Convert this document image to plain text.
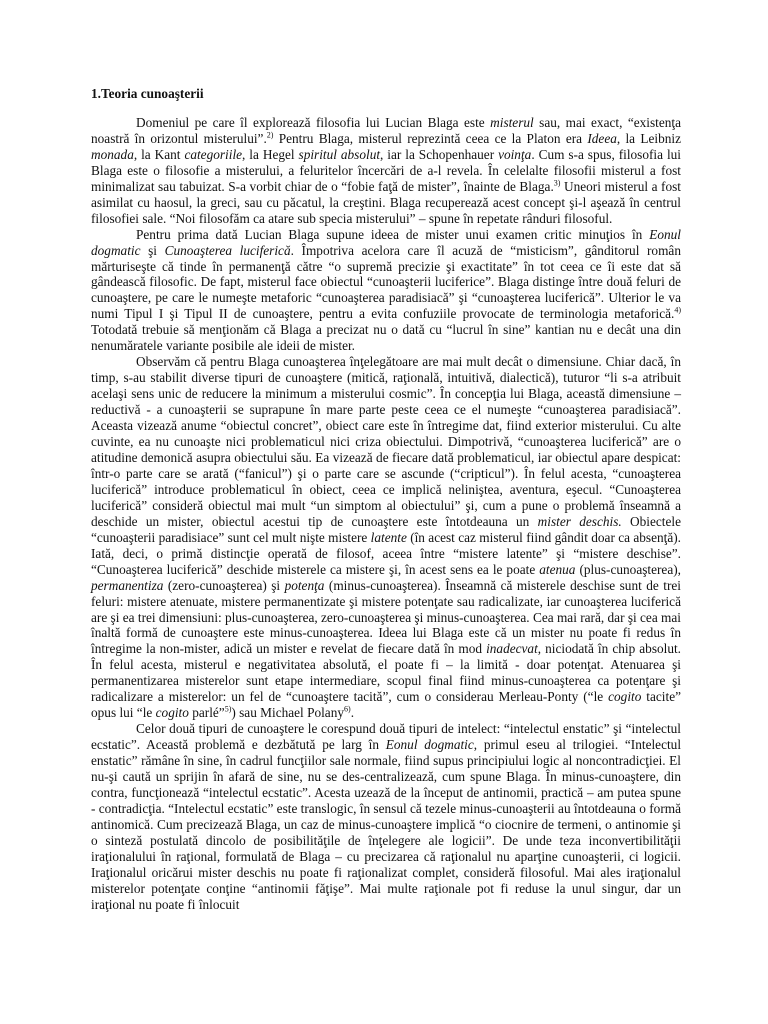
1.Teoria cunoaşterii

Domeniul pe care îl explorează filosofia lui Lucian Blaga este misterul sau, mai exact, “existenţa noastră în orizontul misterului”.$^{2)}$ Pentru Blaga, misterul reprezintă ceea ce la Platon era Ideea, la Leibniz monada, la Kant categoriile, la Hegel spiritul absolut, iar la Schopenhauer voinţa. Cum s-a spus, filosofia lui Blaga este o filosofie a misterului, a feluritelor încercări de a-l revela. În celelalte filosofii misterul a fost minimalizat sau tabuizat. S-a vorbit chiar de o “fobie faţă de mister”, înainte de Blaga.$^{3)}$ Uneori misterul a fost asimilat cu haosul, la greci, sau cu păcatul, la creştini. Blaga recuperează acest concept şi-l aşează în centrul filosofiei sale. “Noi filosofăm ca atare sub specia misterului” – spune în repetate rânduri filosoful.

Pentru prima dată Lucian Blaga supune ideea de mister unui examen critic minuţios în Eonul dogmatic şi Cunoaşterea luciferică. Împotriva acelora care îl acuză de “misticism”, gânditorul român mărturiseşte că tinde în permanenţă către “o supremă precizie şi exactitate” în tot ceea ce îi este dat să gândească filosofic. De fapt, misterul face obiectul “cunoaşterii luciferice”. Blaga distinge între două feluri de cunoaştere, pe care le numeşte metaforic “cunoaşterea paradisiacă” şi “cunoaşterea luciferică”. Ulterior le va numi Tipul I şi Tipul II de cunoaştere, pentru a evita confuziile provocate de terminologia metaforică.$^{4)}$ Totodată trebuie să menţionăm că Blaga a precizat nu o dată cu “lucrul în sine” kantian nu e decât una din nenumăratele variante posibile ale ideii de mister.

Observăm că pentru Blaga cunoaşterea înţelegătoare are mai mult decât o dimensiune. Chiar dacă, în timp, s-au stabilit diverse tipuri de cunoaştere (mitică, raţională, intuitivă, dialectică), tuturor “li s-a atribuit acelaşi sens unic de reducere la minimum a misterului cosmic”. În concepţia lui Blaga, această dimensiune – reductivă - a cunoaşterii se suprapune în mare parte peste ceea ce el numeşte “cunoaşterea paradisiacă”. Aceasta vizează anume “obiectul concret”, obiect care este în întregime dat, fiind exterior misterului. Cu alte cuvinte, ea nu cunoaşte nici problematicul nici criza obiectului. Dimpotrivă, “cunoaşterea luciferică” are o atitudine demonică asupra obiectului său. Ea vizează de fiecare dată problematicul, iar obiectul apare despicat: într-o parte care se arată (“fanicul”) şi o parte care se ascunde (“cripticul”). În felul acesta, “cunoaşterea luciferică” introduce problematicul în obiect, ceea ce implică neliniştea, aventura, eşecul. “Cunoaşterea luciferică” consideră obiectul mai mult “un simptom al obiectului” şi, cum a pune o problemă înseamnă a deschide un mister, obiectul acestui tip de cunoaştere este întotdeauna un mister deschis. Obiectele “cunoaşterii paradisiace” sunt cel mult nişte mistere latente (în acest caz misterul fiind gândit doar ca absenţă). Iată, deci, o primă distincţie operată de filosof, aceea între “mistere latente” şi “mistere deschise”. “Cunoaşterea luciferică” deschide misterele ca mistere şi, în acest sens ea le poate atenua (plus-cunoaşterea), permanentiza (zero-cunoaşterea) şi potenţa (minus-cunoaşterea). Înseamnă că misterele deschise sunt de trei feluri: mistere atenuate, mistere permanentizate şi mistere potenţate sau radicalizate, iar cunoaşterea luciferică are şi ea trei dimensiuni: plus-cunoaşterea, zero-cunoaşterea şi minus-cunoaşterea. Cea mai rară, dar şi cea mai înaltă formă de cunoaştere este minus-cunoaşterea. Ideea lui Blaga este că un mister nu poate fi redus în întregime la non-mister, adică un mister e revelat de fiecare dată în mod inadecvat, niciodată în chip absolut. În felul acesta, misterul e negativitatea absolută, el poate fi – la limită - doar potenţat. Atenuarea şi permanentizarea misterelor sunt etape intermediare, scopul final fiind minus-cunoaşterea ca potenţare şi radicalizare a misterelor: un fel de “cunoaştere tacită”, cum o considerau Merleau-Ponty (“le cogito tacite” opus lui “le cogito parlé”$^{5)}$) sau Michael Polany$^{6)}$.

Celor două tipuri de cunoaştere le corespund două tipuri de intelect: “intelectul enstatic” şi “intelectul ecstatic”. Această problemă e dezbătută pe larg în Eonul dogmatic, primul eseu al trilogiei. “Intelectul enstatic” rămâne în sine, în cadrul funcţiilor sale normale, fiind supus principiului logic al noncontradicţiei. El nu-şi caută un sprijin în afară de sine, nu se des-centralizează, cum spune Blaga. În minus-cunoaştere, din contra, funcţionează “intelectul ecstatic”. Acesta uzează de la început de antinomii, practică – am putea spune - contradicţia. “Intelectul ecstatic” este translogic, în sensul că tezele minus-cunoaşterii au întotdeauna o formă antinomică. Cum precizează Blaga, un caz de minus-cunoaştere implică “o ciocnire de termeni, o antinomie şi o sinteză postulată dincolo de posibilităţile de înţelegere ale logicii”. De unde teza inconvertibilităţii iraţionalului în raţional, formulată de Blaga – cu precizarea că raţionalul nu aparţine cunoaşterii, ci logicii. Iraţionalul oricărui mister deschis nu poate fi raţionalizat complet, consideră filosoful. Mai ales iraţionalul misterelor potenţate conţine “antinomii făţişe”. Mai multe raţionale pot fi reduse la unul singur, dar un iraţional nu poate fi înlocuit
